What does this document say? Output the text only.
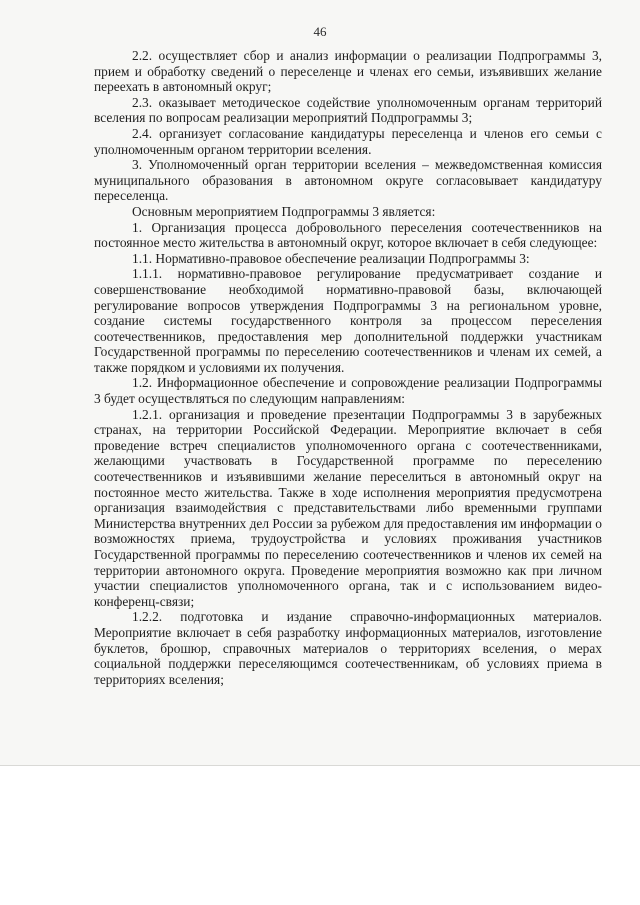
46

2.2. осуществляет сбор и анализ информации о реализации Подпрограммы 3, прием и обработку сведений о переселенце и членах его семьи, изъявивших желание переехать в автономный округ;

2.3. оказывает методическое содействие уполномоченным органам территорий вселения по вопросам реализации мероприятий Подпрограммы 3;

2.4. организует согласование кандидатуры переселенца и членов его семьи с уполномоченным органом территории вселения.

3. Уполномоченный орган территории вселения – межведомственная комиссия муниципального образования в автономном округе согласовывает кандидатуру переселенца.

Основным мероприятием Подпрограммы 3 является:

1. Организация процесса добровольного переселения соотечественников на постоянное место жительства в автономный округ, которое включает в себя следующее:

1.1. Нормативно-правовое обеспечение реализации Подпрограммы 3:

1.1.1. нормативно-правовое регулирование предусматривает создание и совершенствование необходимой нормативно-правовой базы, включающей регулирование вопросов утверждения Подпрограммы 3 на региональном уровне, создание системы государственного контроля за процессом переселения соотечественников, предоставления мер дополнительной поддержки участникам Государственной программы по переселению соотечественников и членам их семей, а также порядком и условиями их получения.

1.2. Информационное обеспечение и сопровождение реализации Подпрограммы 3 будет осуществляться по следующим направлениям:

1.2.1. организация и проведение презентации Подпрограммы 3 в зарубежных странах, на территории Российской Федерации. Мероприятие включает в себя проведение встреч специалистов уполномоченного органа с соотечественниками, желающими участвовать в Государственной программе по переселению соотечественников и изъявившими желание переселиться в автономный округ на постоянное место жительства. Также в ходе исполнения мероприятия предусмотрена организация взаимодействия с представительствами либо временными группами Министерства внутренних дел России за рубежом для предоставления им информации о возможностях приема, трудоустройства и условиях проживания участников Государственной программы по переселению соотечественников и членов их семей на территории автономного округа. Проведение мероприятия возможно как при личном участии специалистов уполномоченного органа, так и с использованием видео-конференц-связи;

1.2.2. подготовка и издание справочно-информационных материалов. Мероприятие включает в себя разработку информационных материалов, изготовление буклетов, брошюр, справочных материалов о территориях вселения, о мерах социальной поддержки переселяющимся соотечественникам, об условиях приема в территориях вселения;
